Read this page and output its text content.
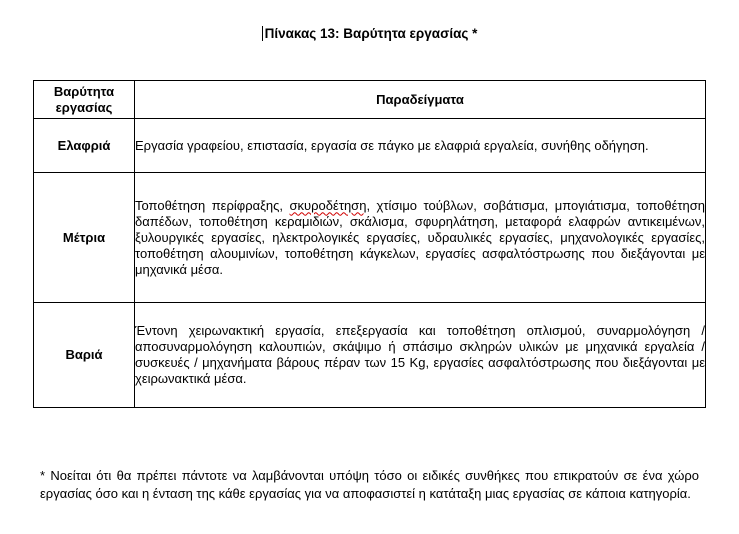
Πίνακας 13: Βαρύτητα εργασίας *
Βαρύτητα εργασίας	Παραδείγματα
Ελαφριά	Εργασία γραφείου, επιστασία, εργασία σε πάγκο με ελαφριά εργαλεία, συνήθης οδήγηση.
Μέτρια	Τοποθέτηση περίφραξης, σκυροδέτηση, χτίσιμο τούβλων, σοβάτισμα, μπογιάτισμα, τοποθέτηση δαπέδων, τοποθέτηση κεραμιδιών, σκάλισμα, σφυρηλάτηση, μεταφορά ελαφρών αντικειμένων, ξυλουργικές εργασίες, ηλεκτρολογικές εργασίες, υδραυλικές εργασίες, μηχανολογικές εργασίες, τοποθέτηση αλουμινίων, τοποθέτηση κάγκελων, εργασίες ασφαλτόστρωσης που διεξάγονται με μηχανικά μέσα.
Βαριά	Έντονη χειρωνακτική εργασία, επεξεργασία και τοποθέτηση οπλισμού, συναρμολόγηση / αποσυναρμολόγηση καλουπιών, σκάψιμο ή σπάσιμο σκληρών υλικών με μηχανικά εργαλεία / συσκευές / μηχανήματα βάρους πέραν των 15 Kg, εργασίες ασφαλτόστρωσης που διεξάγονται με χειρωνακτικά μέσα.

* Νοείται ότι θα πρέπει πάντοτε να λαμβάνονται υπόψη τόσο οι ειδικές συνθήκες που επικρατούν σε ένα χώρο εργασίας όσο και η ένταση της κάθε εργασίας για να αποφασιστεί η κατάταξη μιας εργασίας σε κάποια κατηγορία.
